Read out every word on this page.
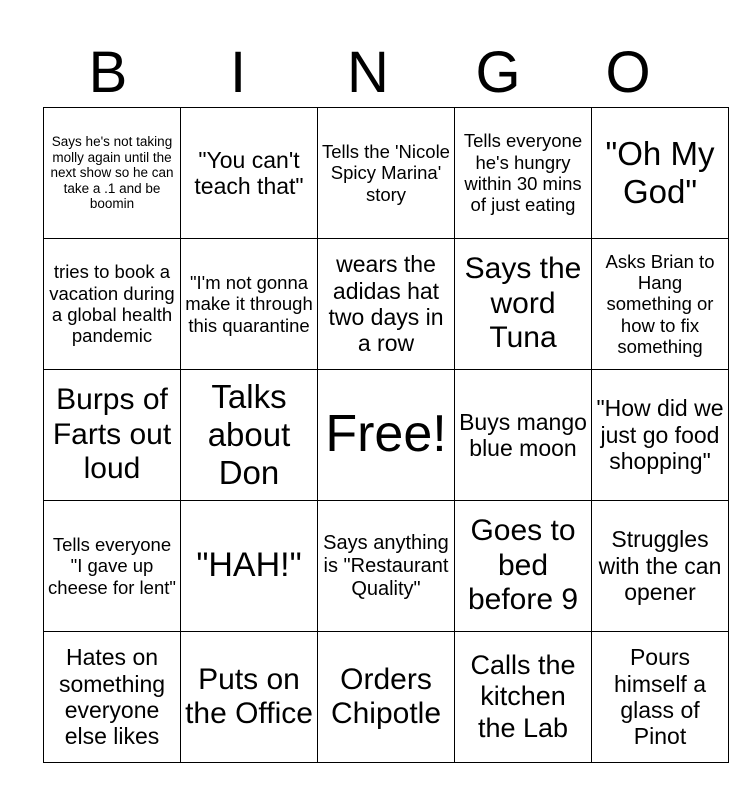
B	I	N	G	O
Says he's not taking molly again until the next show so he can take a .1 and be boomin	"You can't teach that"	Tells the 'Nicole Spicy Marina' story	Tells everyone he's hungry within 30 mins of just eating	"Oh My God"
tries to book a vacation during a global health pandemic	"I'm not gonna make it through this quarantine	wears the adidas hat two days in a row	Says the word Tuna	Asks Brian to Hang something or how to fix something
Burps of Farts out loud	Talks about Don	Free!	Buys mango blue moon	"How did we just go food shopping"
Tells everyone "I gave up cheese for lent"	"HAH!"	Says anything is "Restaurant Quality"	Goes to bed before 9	Struggles with the can opener
Hates on something everyone else likes	Puts on the Office	Orders Chipotle	Calls the kitchen the Lab	Pours himself a glass of Pinot
